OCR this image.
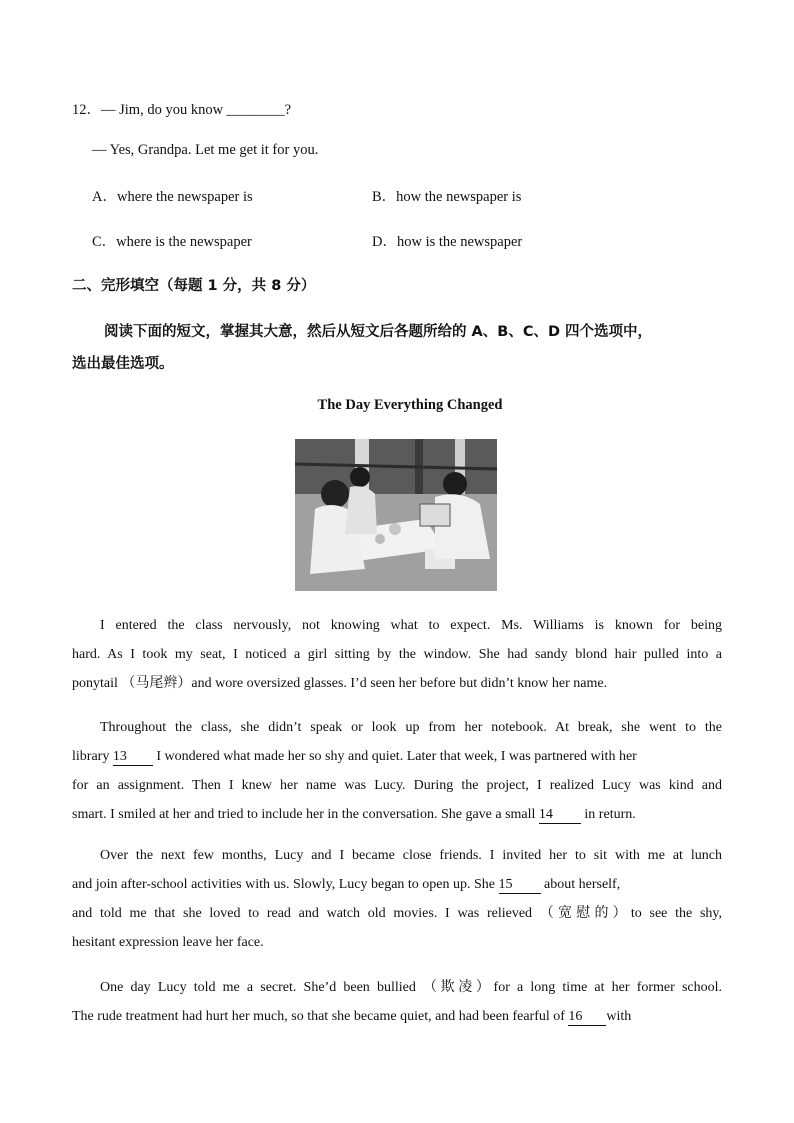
12．— Jim, do you know ________?
— Yes, Grandpa. Let me get it for you.
A．where the newspaper is	B．how the newspaper is
C．where is the newspaper	D．how is the newspaper
二、完形填空（每题 1 分，共 8 分）
阅读下面的短文，掌握其大意，然后从短文后各题所给的 A、B、C、D 四个选项中，
选出最佳选项。
The Day Everything Changed
I entered the class nervously, not knowing what to expect. Ms. Williams is known for being
hard. As I took my seat, I noticed a girl sitting by the window. She had sandy blond hair pulled into a
ponytail （马尾辫）and wore oversized glasses. I’d seen her before but didn’t know her name.
Throughout the class, she didn’t speak or look up from her notebook. At break, she went to the
library 13 I wondered what made her so shy and quiet. Later that week, I was partnered with her
for an assignment. Then I knew her name was Lucy. During the project, I realized Lucy was kind and
smart. I smiled at her and tried to include her in the conversation. She gave a small 14 in return.
Over the next few months, Lucy and I became close friends. I invited her to sit with me at lunch
and join after-school activities with us. Slowly, Lucy began to open up. She 15 about herself,
and told me that she loved to read and watch old movies. I was relieved （宽慰的）to see the shy,
hesitant expression leave her face.
One day Lucy told me a secret. She’d been bullied （欺凌）for a long time at her former school.
The rude treatment had hurt her much, so that she became quiet, and had been fearful of 16 with
